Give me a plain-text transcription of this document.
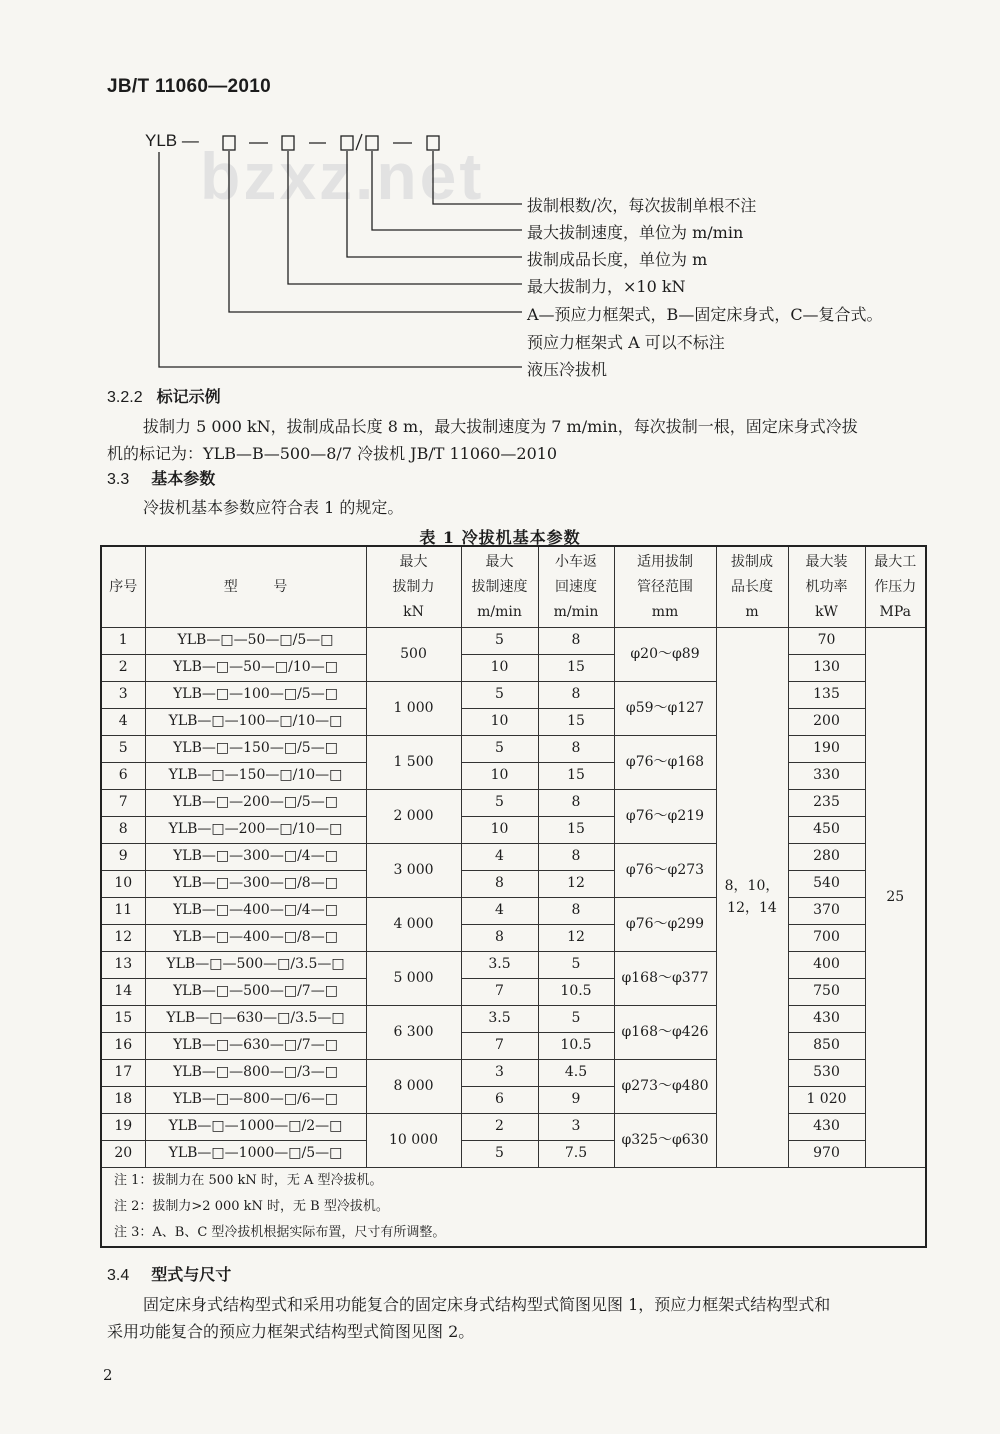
JB/T 11060—2010
bzxz.net
YLB —
拔制根数/次，每次拔制单根不注
最大拔制速度，单位为 m/min
拔制成品长度，单位为 m
最大拔制力，×10 kN
A—预应力框架式，B—固定床身式，C—复合式。
预应力框架式 A 可以不标注
液压冷拔机
3.2.2 标记示例
拔制力 5 000 kN，拔制成品长度 8 m，最大拔制速度为 7 m/min，每次拔制一根，固定床身式冷拔
机的标记为：YLB—B—500—8/7 冷拔机 JB/T 11060—2010
3.3 基本参数
冷拔机基本参数应符合表 1 的规定。
表 1 冷拔机基本参数
序号	型        号	最大
拔制力
kN	最大
拔制速度
m/min	小车返
回速度
m/min	适用拔制
管径范围
mm	拔制成
品长度
m	最大装
机功率
kW	最大工
作压力
MPa
1	YLB—□—50—□/5—□	500	5	8	φ20～φ89	8，10，
12，14	70	25
2	YLB—□—50—□/10—□		10	15			130	
3	YLB—□—100—□/5—□	1 000	5	8	φ59～φ127		135	
4	YLB—□—100—□/10—□		10	15			200	
5	YLB—□—150—□/5—□	1 500	5	8	φ76～φ168		190	
6	YLB—□—150—□/10—□		10	15			330	
7	YLB—□—200—□/5—□	2 000	5	8	φ76～φ219		235	
8	YLB—□—200—□/10—□		10	15			450	
9	YLB—□—300—□/4—□	3 000	4	8	φ76～φ273		280	
10	YLB—□—300—□/8—□		8	12			540	
11	YLB—□—400—□/4—□	4 000	4	8	φ76～φ299		370	
12	YLB—□—400—□/8—□		8	12			700	
13	YLB—□—500—□/3.5—□	5 000	3.5	5	φ168～φ377		400	
14	YLB—□—500—□/7—□		7	10.5			750	
15	YLB—□—630—□/3.5—□	6 300	3.5	5	φ168～φ426		430	
16	YLB—□—630—□/7—□		7	10.5			850	
17	YLB—□—800—□/3—□	8 000	3	4.5	φ273～φ480		530	
18	YLB—□—800—□/6—□		6	9			1 020	
19	YLB—□—1000—□/2—□	10 000	2	3	φ325～φ630		430	
20	YLB—□—1000—□/5—□		5	7.5			970	
注 1：拔制力在 500 kN 时，无 A 型冷拔机。								
注 2：拔制力>2 000 kN 时，无 B 型冷拔机。								
注 3：A、B、C 型冷拔机根据实际布置，尺寸有所调整。								
3.4 型式与尺寸
固定床身式结构型式和采用功能复合的固定床身式结构型式简图见图 1，预应力框架式结构型式和
采用功能复合的预应力框架式结构型式简图见图 2。
2
